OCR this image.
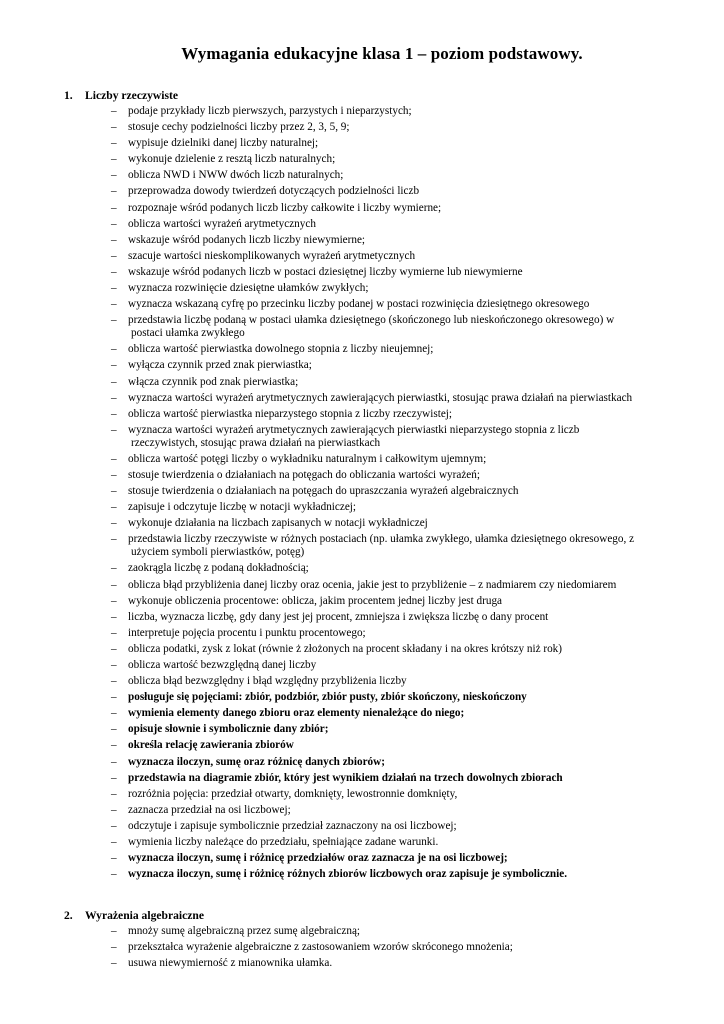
Wymagania edukacyjne klasa 1 – poziom podstawowy.
1. Liczby rzeczywiste
– podaje przykłady liczb pierwszych, parzystych i nieparzystych;
– stosuje cechy podzielności liczby przez 2, 3, 5, 9;
– wypisuje dzielniki danej liczby naturalnej;
– wykonuje dzielenie z resztą liczb naturalnych;
– oblicza NWD i NWW dwóch liczb naturalnych;
– przeprowadza dowody twierdzeń dotyczących podzielności liczb
– rozpoznaje wśród podanych liczb liczby całkowite i liczby wymierne;
– oblicza wartości wyrażeń arytmetycznych
– wskazuje wśród podanych liczb liczby niewymierne;
– szacuje wartości nieskomplikowanych wyrażeń arytmetycznych
– wskazuje wśród podanych liczb w postaci dziesiętnej liczby wymierne lub niewymierne
– wyznacza rozwinięcie dziesiętne ułamków zwykłych;
– wyznacza wskazaną cyfrę po przecinku liczby podanej w postaci rozwinięcia dziesiętnego okresowego
– przedstawia liczbę podaną w postaci ułamka dziesiętnego (skończonego lub nieskończonego okresowego) w
postaci ułamka zwykłego
– oblicza wartość pierwiastka dowolnego stopnia z liczby nieujemnej;
– wyłącza czynnik przed znak pierwiastka;
– włącza czynnik pod znak pierwiastka;
– wyznacza wartości wyrażeń arytmetycznych zawierających pierwiastki, stosując prawa działań na pierwiastkach
– oblicza wartość pierwiastka nieparzystego stopnia z liczby rzeczywistej;
– wyznacza wartości wyrażeń arytmetycznych zawierających pierwiastki nieparzystego stopnia z liczb
rzeczywistych, stosując prawa działań na pierwiastkach
– oblicza wartość potęgi liczby o wykładniku naturalnym i całkowitym ujemnym;
– stosuje twierdzenia o działaniach na potęgach do obliczania wartości wyrażeń;
– stosuje twierdzenia o działaniach na potęgach do upraszczania wyrażeń algebraicznych
– zapisuje i odczytuje liczbę w notacji wykładniczej;
– wykonuje działania na liczbach zapisanych w notacji wykładniczej
– przedstawia liczby rzeczywiste w różnych postaciach (np. ułamka zwykłego, ułamka dziesiętnego okresowego, z
użyciem symboli pierwiastków, potęg)
– zaokrągla liczbę z podaną dokładnością;
– oblicza błąd przybliżenia danej liczby oraz ocenia, jakie jest to przybliżenie – z nadmiarem czy niedomiarem
– wykonuje obliczenia procentowe: oblicza, jakim procentem jednej liczby jest druga
– liczba, wyznacza liczbę, gdy dany jest jej procent, zmniejsza i zwiększa liczbę o dany procent
– interpretuje pojęcia procentu i punktu procentowego;
– oblicza podatki, zysk z lokat (równie ż złożonych na procent składany i na okres krótszy niż rok)
– oblicza wartość bezwzględną danej liczby
– oblicza błąd bezwzględny i błąd względny przybliżenia liczby
– posługuje się pojęciami: zbiór, podzbiór, zbiór pusty, zbiór skończony, nieskończony
– wymienia elementy danego zbioru oraz elementy nienależące do niego;
– opisuje słownie i symbolicznie dany zbiór;
– określa relację zawierania zbiorów
– wyznacza iloczyn, sumę oraz różnicę danych zbiorów;
– przedstawia na diagramie zbiór, który jest wynikiem działań na trzech dowolnych zbiorach
– rozróżnia pojęcia: przedział otwarty, domknięty, lewostronnie domknięty,
– zaznacza przedział na osi liczbowej;
– odczytuje i zapisuje symbolicznie przedział zaznaczony na osi liczbowej;
– wymienia liczby należące do przedziału, spełniające zadane warunki.
– wyznacza iloczyn, sumę i różnicę przedziałów oraz zaznacza je na osi liczbowej;
– wyznacza iloczyn, sumę i różnicę różnych zbiorów liczbowych oraz zapisuje je symbolicznie.
2. Wyrażenia algebraiczne
– mnoży sumę algebraiczną przez sumę algebraiczną;
– przekształca wyrażenie algebraiczne z zastosowaniem wzorów skróconego mnożenia;
– usuwa niewymierność z mianownika ułamka.
